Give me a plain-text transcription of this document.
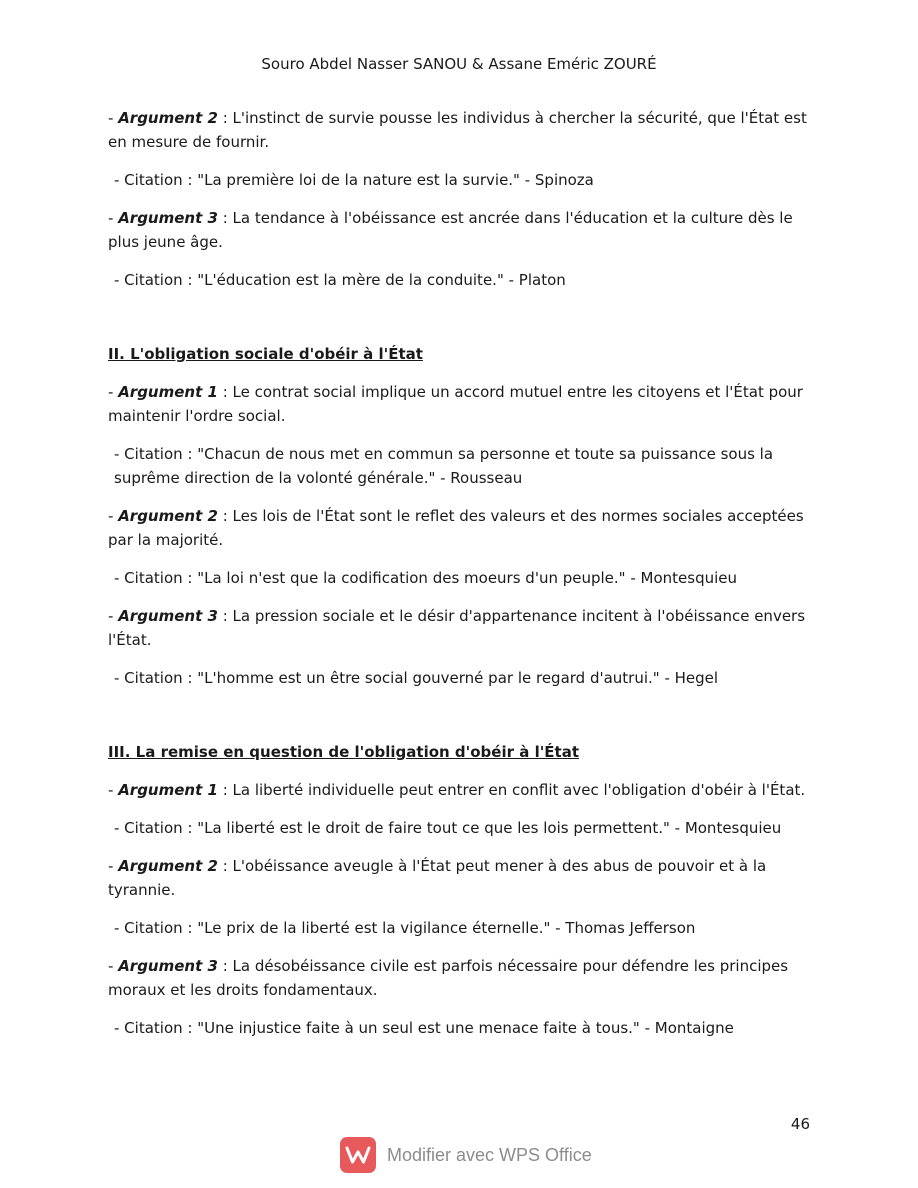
Souro Abdel Nasser SANOU & Assane Eméric ZOURÉ

- Argument 2 : L'instinct de survie pousse les individus à chercher la sécurité, que l'État est en mesure de fournir.

- Citation : "La première loi de la nature est la survie." - Spinoza

- Argument 3 : La tendance à l'obéissance est ancrée dans l'éducation et la culture dès le plus jeune âge.

- Citation : "L'éducation est la mère de la conduite." - Platon

II. L'obligation sociale d'obéir à l'État

- Argument 1 : Le contrat social implique un accord mutuel entre les citoyens et l'État pour maintenir l'ordre social.

- Citation : "Chacun de nous met en commun sa personne et toute sa puissance sous la suprême direction de la volonté générale." - Rousseau

- Argument 2 : Les lois de l'État sont le reflet des valeurs et des normes sociales acceptées par la majorité.

- Citation : "La loi n'est que la codification des moeurs d'un peuple." - Montesquieu

- Argument 3 : La pression sociale et le désir d'appartenance incitent à l'obéissance envers l'État.

- Citation : "L'homme est un être social gouverné par le regard d'autrui." - Hegel

III. La remise en question de l'obligation d'obéir à l'État

- Argument 1 : La liberté individuelle peut entrer en conflit avec l'obligation d'obéir à l'État.

- Citation : "La liberté est le droit de faire tout ce que les lois permettent." - Montesquieu

- Argument 2 : L'obéissance aveugle à l'État peut mener à des abus de pouvoir et à la tyrannie.

- Citation : "Le prix de la liberté est la vigilance éternelle." - Thomas Jefferson

- Argument 3 : La désobéissance civile est parfois nécessaire pour défendre les principes moraux et les droits fondamentaux.

- Citation : "Une injustice faite à un seul est une menace faite à tous." - Montaigne

46
Modifier avec WPS Office
